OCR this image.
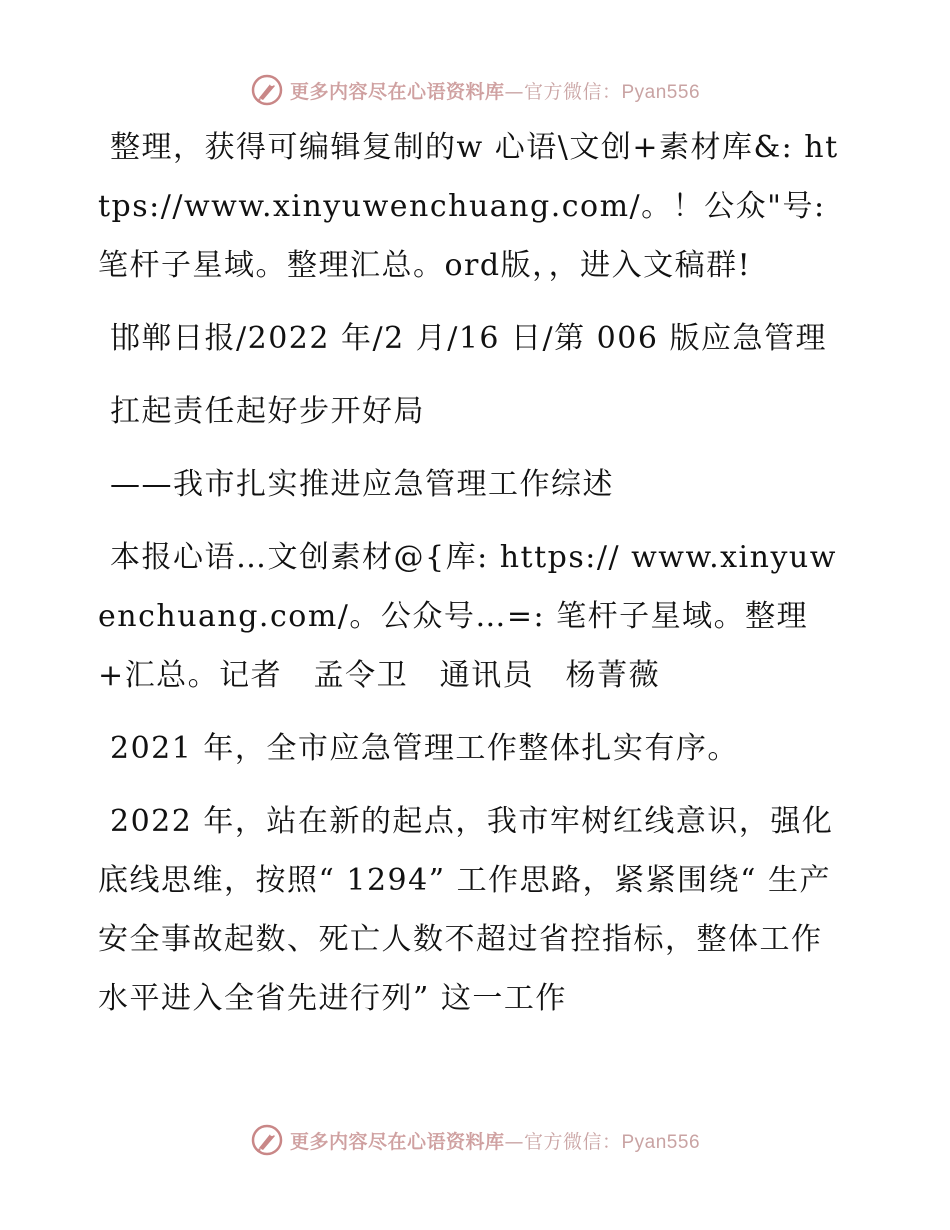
更多内容尽在心语资料库—官方微信：Pyan556

整理，获得可编辑复制的w 心语\文创+素材库&: https://www.xinyuwenchuang.com/。！公众"号: 笔杆子星域。整理汇总。ord版，，进入文稿群!

邯郸日报/2022 年/2 月/16 日/第 006 版应急管理

扛起责任起好步开好局

——我市扎实推进应急管理工作综述

本报心语…文创素材@{库: https:// www.xinyuwenchuang.com/。公众号…=: 笔杆子星域。整理+汇总。记者　孟令卫　通讯员　杨菁薇

2021 年，全市应急管理工作整体扎实有序。

2022 年，站在新的起点，我市牢树红线意识，强化底线思维，按照“ 1294” 工作思路，紧紧围绕“ 生产安全事故起数、死亡人数不超过省控指标，整体工作水平进入全省先进行列” 这一工作

更多内容尽在心语资料库—官方微信：Pyan556
